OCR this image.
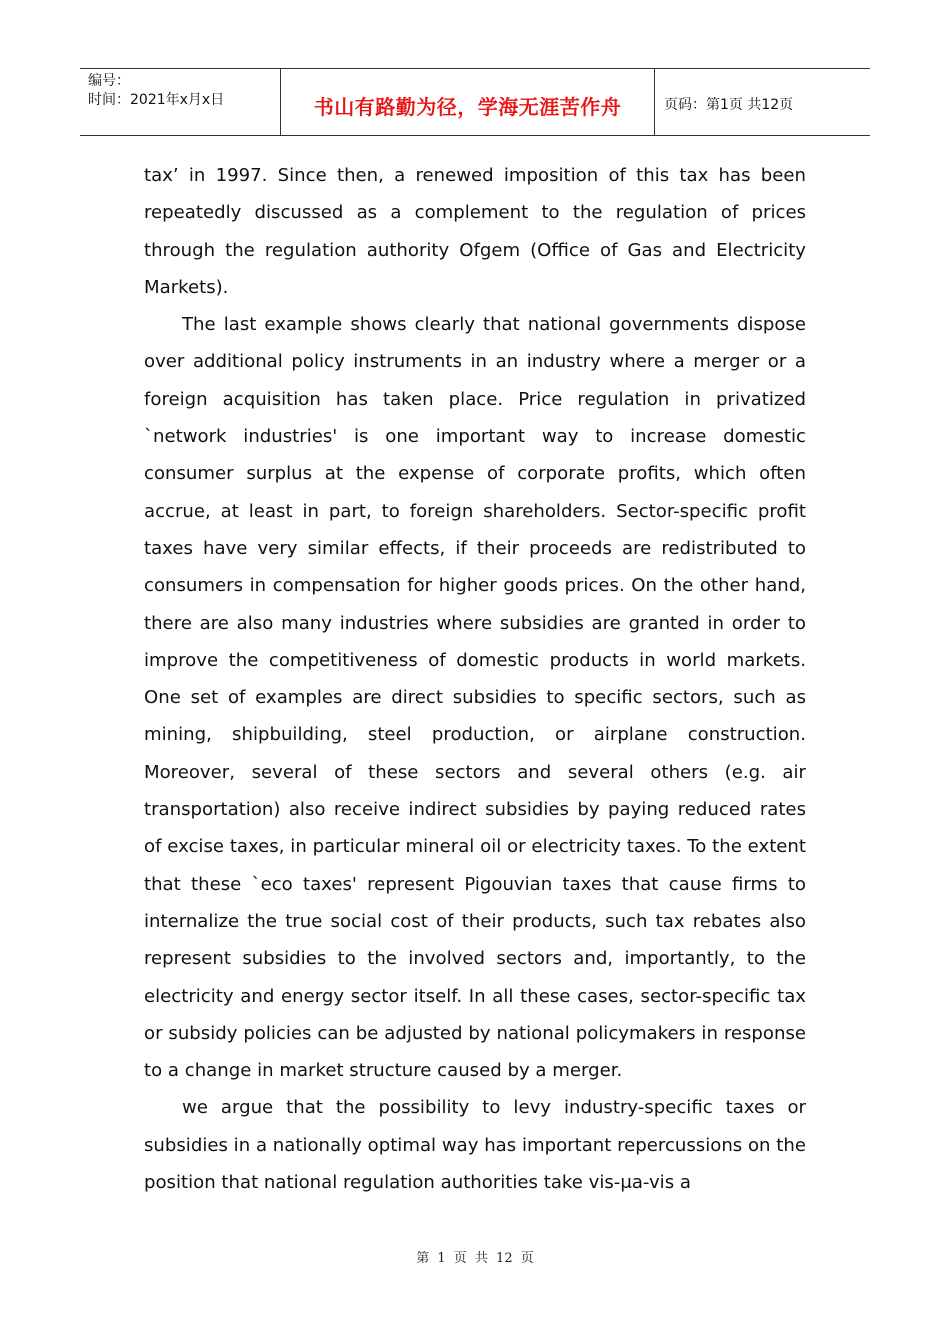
编号：
时间：2021年x月x日	书山有路勤为径，学海无涯苦作舟	页码：第1页 共12页

tax’ in 1997. Since then, a renewed imposition of this tax has been repeatedly discussed as a complement to the regulation of prices through the regulation authority Ofgem (Office of Gas and Electricity Markets).

The last example shows clearly that national governments dispose over additional policy instruments in an industry where a merger or a foreign acquisition has taken place. Price regulation in privatized `network industries' is one important way to increase domestic consumer surplus at the expense of corporate profits, which often accrue, at least in part, to foreign shareholders. Sector-specific profit taxes have very similar effects, if their proceeds are redistributed to consumers in compensation for higher goods prices. On the other hand, there are also many industries where subsidies are granted in order to improve the competitiveness of domestic products in world markets. One set of examples are direct subsidies to specific sectors, such as mining, shipbuilding, steel production, or airplane construction. Moreover, several of these sectors and several others (e.g. air transportation) also receive indirect subsidies by paying reduced rates of excise taxes, in particular mineral oil or electricity taxes. To the extent that these `eco taxes' represent Pigouvian taxes that cause firms to internalize the true social cost of their products, such tax rebates also represent subsidies to the involved sectors and, importantly, to the electricity and energy sector itself. In all these cases, sector-specific tax or subsidy policies can be adjusted by national policymakers in response to a change in market structure caused by a merger.

we argue that the possibility to levy industry-specific taxes or subsidies in a nationally optimal way has important repercussions on the position that national regulation authorities take vis-μa-vis a

第 1 页 共 12 页
